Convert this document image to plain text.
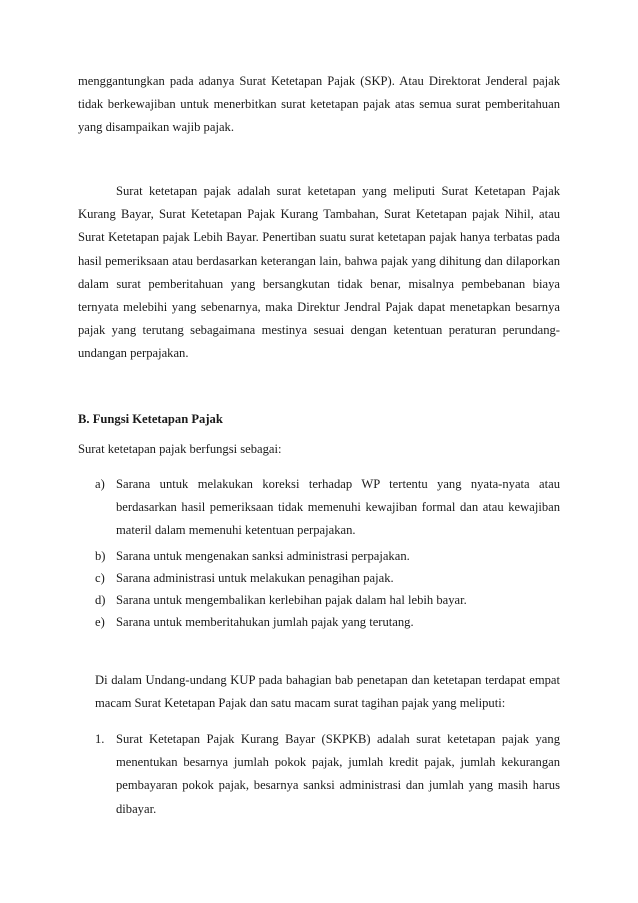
menggantungkan pada adanya Surat Ketetapan Pajak (SKP). Atau Direktorat Jenderal pajak tidak berkewajiban untuk menerbitkan surat ketetapan pajak atas semua surat pemberitahuan yang disampaikan wajib pajak.

Surat ketetapan pajak adalah surat ketetapan yang meliputi Surat Ketetapan Pajak Kurang Bayar, Surat Ketetapan Pajak Kurang Tambahan, Surat Ketetapan pajak Nihil, atau Surat Ketetapan pajak Lebih Bayar. Penertiban suatu surat ketetapan pajak hanya terbatas pada hasil pemeriksaan atau berdasarkan keterangan lain, bahwa pajak yang dihitung dan dilaporkan dalam surat pemberitahuan yang bersangkutan tidak benar, misalnya pembebanan biaya ternyata melebihi yang sebenarnya, maka Direktur Jendral Pajak dapat menetapkan besarnya pajak yang terutang sebagaimana mestinya sesuai dengan ketentuan peraturan perundang-undangan perpajakan.

B. Fungsi Ketetapan Pajak

Surat ketetapan pajak berfungsi sebagai:

a) Sarana untuk melakukan koreksi terhadap WP tertentu yang nyata-nyata atau berdasarkan hasil pemeriksaan tidak memenuhi kewajiban formal dan atau kewajiban materil dalam memenuhi ketentuan perpajakan.
b) Sarana untuk mengenakan sanksi administrasi perpajakan.
c) Sarana administrasi untuk melakukan penagihan pajak.
d) Sarana untuk mengembalikan kerlebihan pajak dalam hal lebih bayar.
e) Sarana untuk memberitahukan jumlah pajak yang terutang.

Di dalam Undang-undang KUP pada bahagian bab penetapan dan ketetapan terdapat empat macam Surat Ketetapan Pajak dan satu macam surat tagihan pajak yang meliputi:

1. Surat Ketetapan Pajak Kurang Bayar (SKPKB) adalah surat ketetapan pajak yang menentukan besarnya jumlah pokok pajak, jumlah kredit pajak, jumlah kekurangan pembayaran pokok pajak, besarnya sanksi administrasi dan jumlah yang masih harus dibayar.
